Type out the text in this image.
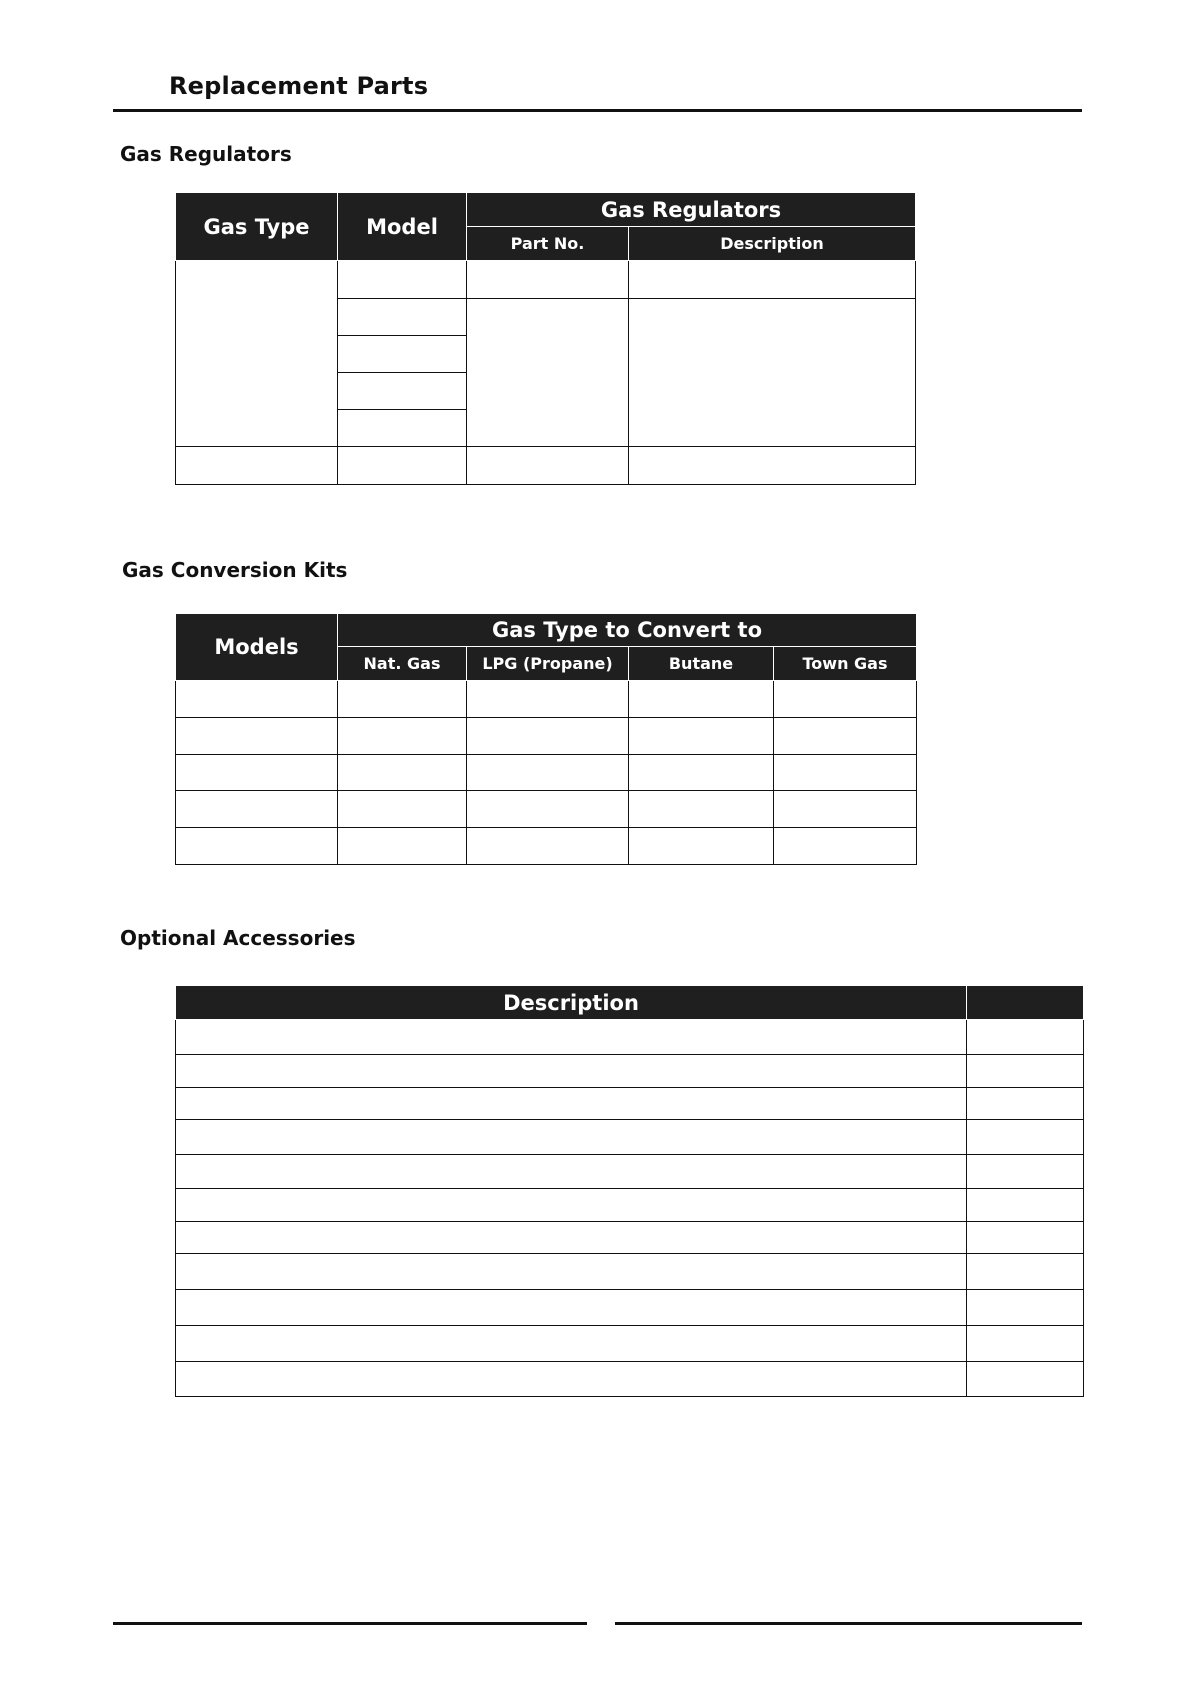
Replacement Parts
Gas Regulators
Gas Type	Model	Gas Regulators	
		Part No.	Description

Gas Conversion Kits
Models	Gas Type to Convert to			
	Nat. Gas	LPG (Propane)	Butane	Town Gas

Optional Accessories
Description	
